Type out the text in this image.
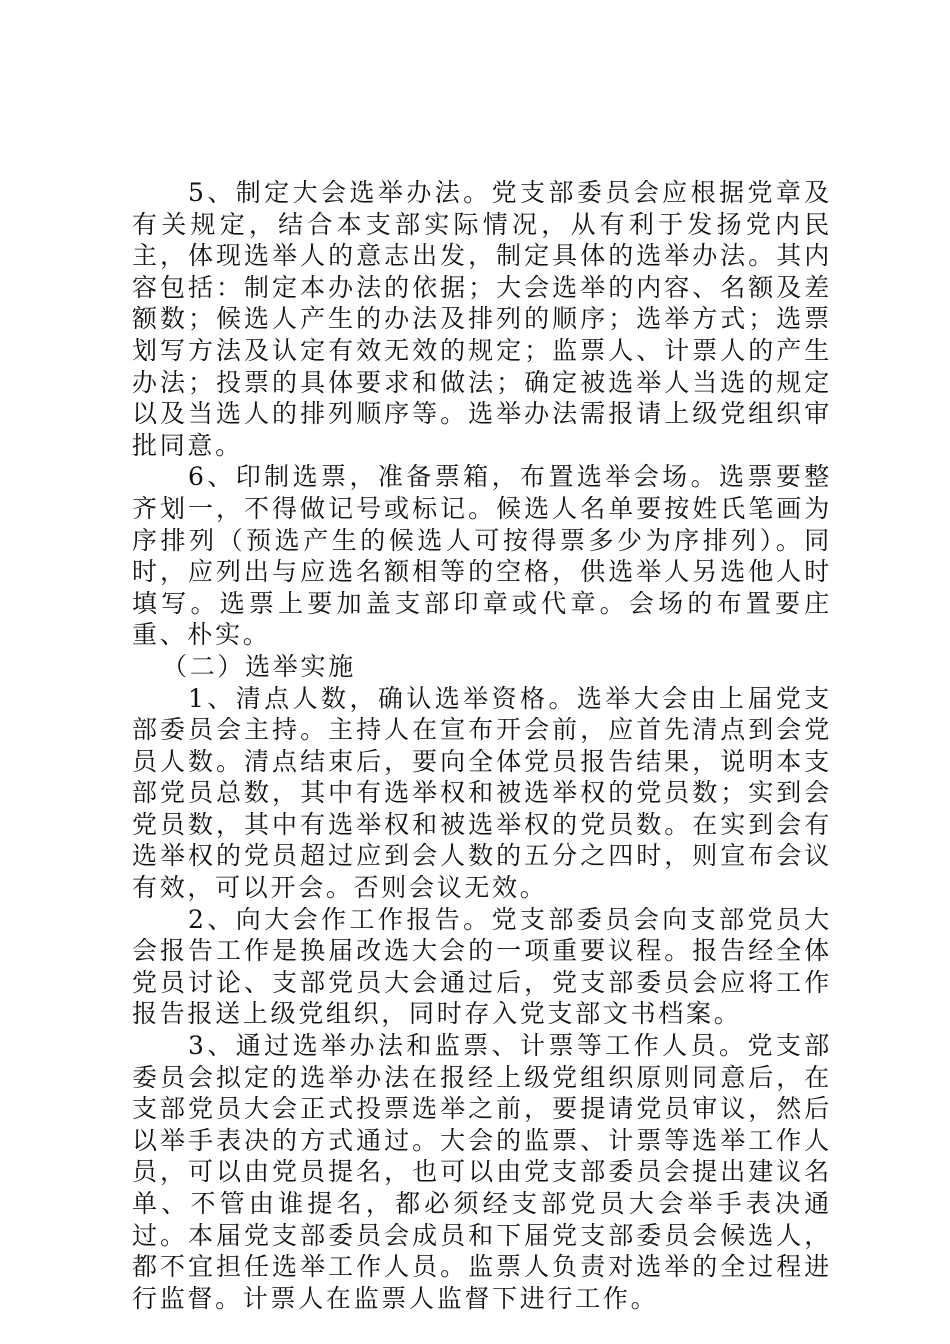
5、制定大会选举办法。党支部委员会应根据党章及有关规定，结合本支部实际情况，从有利于发扬党内民主，体现选举人的意志出发，制定具体的选举办法。其内容包括：制定本办法的依据；大会选举的内容、名额及差额数；候选人产生的办法及排列的顺序；选举方式；选票划写方法及认定有效无效的规定；监票人、计票人的产生办法；投票的具体要求和做法；确定被选举人当选的规定以及当选人的排列顺序等。选举办法需报请上级党组织审批同意。

6、印制选票，准备票箱，布置选举会场。选票要整齐划一，不得做记号或标记。候选人名单要按姓氏笔画为序排列（预选产生的候选人可按得票多少为序排列）。同时，应列出与应选名额相等的空格，供选举人另选他人时填写。选票上要加盖支部印章或代章。会场的布置要庄重、朴实。

（二）选举实施

1、清点人数，确认选举资格。选举大会由上届党支部委员会主持。主持人在宣布开会前，应首先清点到会党员人数。清点结束后，要向全体党员报告结果，说明本支部党员总数，其中有选举权和被选举权的党员数；实到会党员数，其中有选举权和被选举权的党员数。在实到会有选举权的党员超过应到会人数的五分之四时，则宣布会议有效，可以开会。否则会议无效。

2、向大会作工作报告。党支部委员会向支部党员大会报告工作是换届改选大会的一项重要议程。报告经全体党员讨论、支部党员大会通过后，党支部委员会应将工作报告报送上级党组织，同时存入党支部文书档案。

3、通过选举办法和监票、计票等工作人员。党支部委员会拟定的选举办法在报经上级党组织原则同意后，在支部党员大会正式投票选举之前，要提请党员审议，然后以举手表决的方式通过。大会的监票、计票等选举工作人员，可以由党员提名，也可以由党支部委员会提出建议名单、不管由谁提名，都必须经支部党员大会举手表决通过。本届党支部委员会成员和下届党支部委员会候选人，都不宜担任选举工作人员。监票人负责对选举的全过程进行监督。计票人在监票人监督下进行工作。
